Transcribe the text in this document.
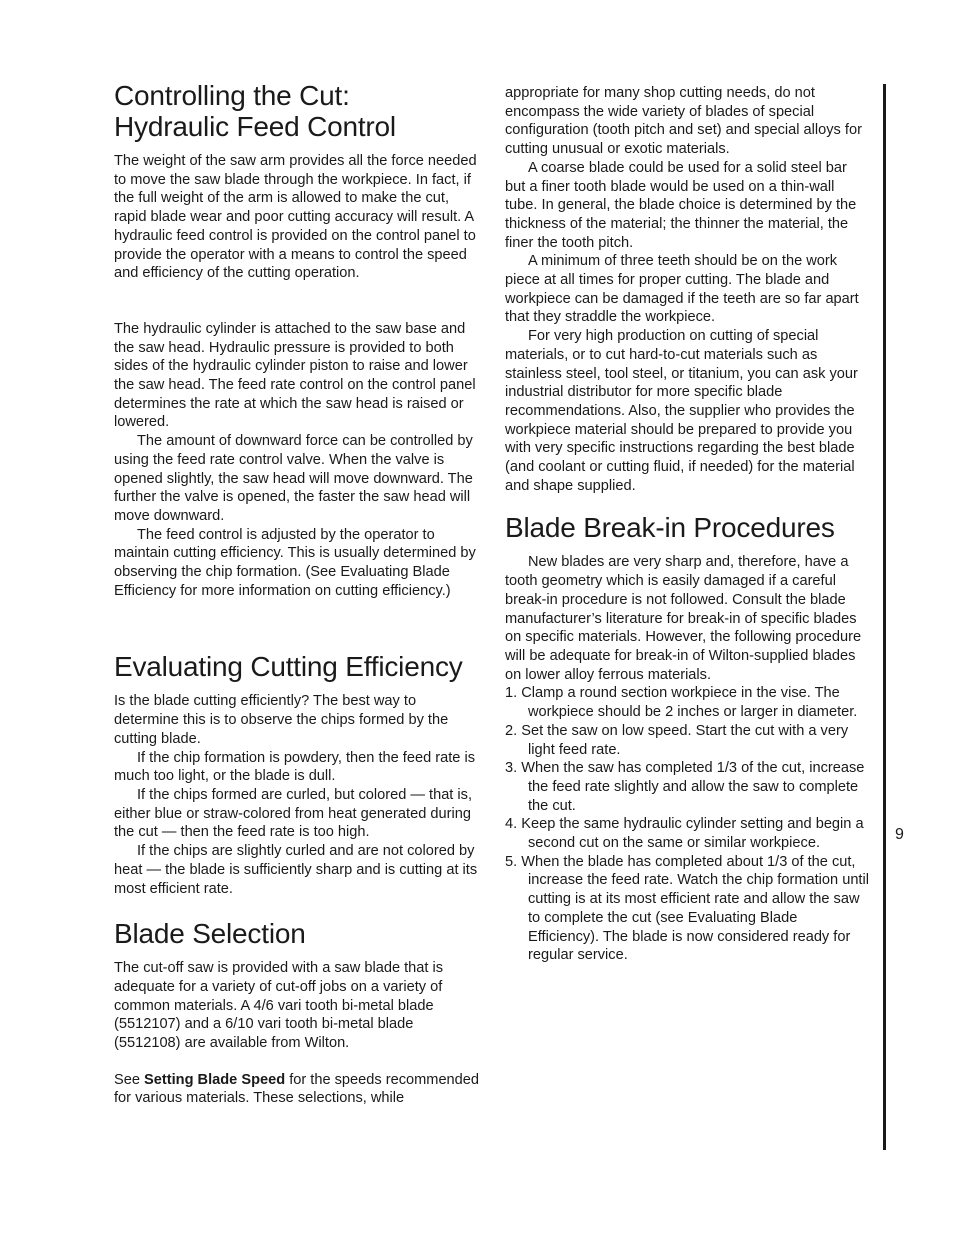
Controlling the Cut:
Hydraulic Feed Control

The weight of the saw arm provides all the force needed to move the saw blade through the workpiece. In fact, if the full weight of the arm is allowed to make the cut, rapid blade wear and poor cutting accuracy will result. A hydraulic feed control is provided on the control panel to provide the operator with a means to control the speed and efficiency of the cutting operation.

The hydraulic cylinder is attached to the saw base and the saw head. Hydraulic pressure is provided to both sides of the hydraulic cylinder piston to raise and lower the saw head. The feed rate control on the control panel determines the rate at which the saw head is raised or lowered.

The amount of downward force can be controlled by using the feed rate control valve. When the valve is opened slightly, the saw head will move downward. The further the valve is opened, the faster the saw head will move downward.

The feed control is adjusted by the operator to maintain cutting efficiency. This is usually determined by observing the chip formation. (See Evaluating Blade Efficiency for more information on cutting efficiency.)

Evaluating Cutting Efficiency

Is the blade cutting efficiently? The best way to determine this is to observe the chips formed by the cutting blade.

If the chip formation is powdery, then the feed rate is much too light, or the blade is dull.

If the chips formed are curled, but colored — that is, either blue or straw-colored from heat generated during the cut — then the feed rate is too high.

If the chips are slightly curled and are not colored by heat — the blade is sufficiently sharp and is cutting at its most efficient rate.

Blade Selection

The cut-off saw is provided with a saw blade that is adequate for a variety of cut-off jobs on a variety of common materials. A 4/6 vari tooth bi-metal blade (5512107) and a 6/10 vari tooth bi-metal blade (5512108) are available from Wilton.

See Setting Blade Speed for the speeds recommended for various materials. These selections, while

appropriate for many shop cutting needs, do not encompass the wide variety of blades of special configuration (tooth pitch and set) and special alloys for cutting unusual or exotic materials.

A coarse blade could be used for a solid steel bar but a finer tooth blade would be used on a thin-wall tube. In general, the blade choice is determined by the thickness of the material; the thinner the material, the finer the tooth pitch.

A minimum of three teeth should be on the work piece at all times for proper cutting. The blade and workpiece can be damaged if the teeth are so far apart that they straddle the workpiece.

For very high production on cutting of special materials, or to cut hard-to-cut materials such as stainless steel, tool steel, or titanium, you can ask your industrial distributor for more specific blade recommendations. Also, the supplier who provides the workpiece material should be prepared to provide you with very specific instructions regarding the best blade (and coolant or cutting fluid, if needed) for the material and shape supplied.

Blade Break-in Procedures

New blades are very sharp and, therefore, have a tooth geometry which is easily damaged if a careful break-in procedure is not followed. Consult the blade manufacturer’s literature for break-in of specific blades on specific materials. However, the following procedure will be adequate for break-in of Wilton-supplied blades on lower alloy ferrous materials.

1. Clamp a round section workpiece in the vise. The workpiece should be 2 inches or larger in diameter.
2. Set the saw on low speed. Start the cut with a very light feed rate.
3. When the saw has completed 1/3 of the cut, increase the feed rate slightly and allow the saw to complete the cut.
4. Keep the same hydraulic cylinder setting and begin a second cut on the same or similar workpiece.
5. When the blade has completed about 1/3 of the cut, increase the feed rate. Watch the chip formation until cutting is at its most efficient rate and allow the saw to complete the cut (see Evaluating Blade Efficiency). The blade is now considered ready for regular service.
9
